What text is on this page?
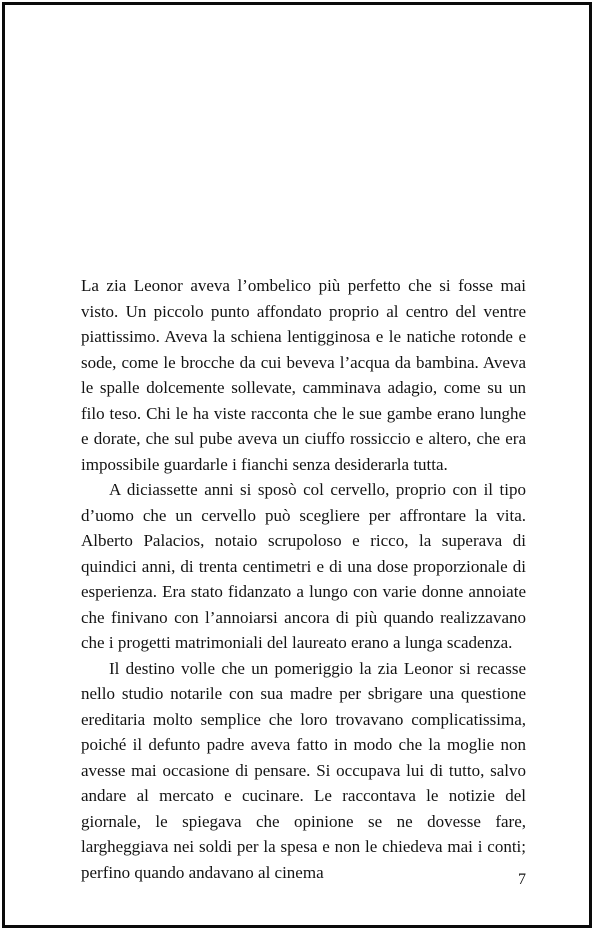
La zia Leonor aveva l’ombelico più perfetto che si fosse mai visto. Un piccolo punto affondato proprio al centro del ventre piattissimo. Aveva la schiena lentigginosa e le natiche rotonde e sode, come le brocche da cui beveva l’acqua da bambina. Aveva le spalle dolcemente sollevate, camminava adagio, come su un filo teso. Chi le ha viste racconta che le sue gambe erano lunghe e dorate, che sul pube aveva un ciuffo rossiccio e altero, che era impossibile guardarle i fianchi senza desiderarla tutta.

A diciassette anni si sposò col cervello, proprio con il tipo d’uomo che un cervello può scegliere per affrontare la vita. Alberto Palacios, notaio scrupoloso e ricco, la superava di quindici anni, di trenta centimetri e di una dose proporzionale di esperienza. Era stato fidanzato a lungo con varie donne annoiate che finivano con l’annoiarsi ancora di più quando realizzavano che i progetti matrimoniali del laureato erano a lunga scadenza.

Il destino volle che un pomeriggio la zia Leonor si recasse nello studio notarile con sua madre per sbrigare una questione ereditaria molto semplice che loro trovavano complicatissima, poiché il defunto padre aveva fatto in modo che la moglie non avesse mai occasione di pensare. Si occupava lui di tutto, salvo andare al mercato e cucinare. Le raccontava le notizie del giornale, le spiegava che opinione se ne dovesse fare, largheggiava nei soldi per la spesa e non le chiedeva mai i conti; perfino quando andavano al cinema	7
